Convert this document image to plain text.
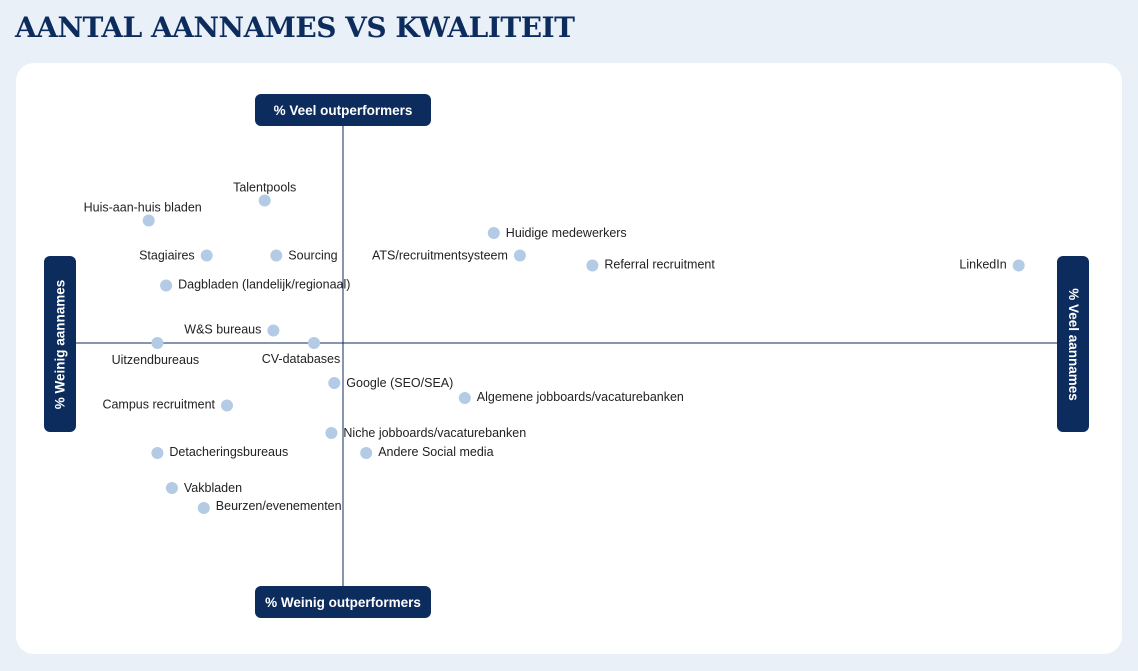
AANTAL AANNAMES VS KWALITEIT
Talentpools
Huis-aan-huis bladen
Stagiaires	Sourcing
Dagbladen (landelijk/regionaal)
W&S bureaus
Uitzendbureaus	CV-databases
Huidige medewerkers
ATS/recruitmentsysteem
Referral recruitment	LinkedIn
Google (SEO/SEA)
Algemene jobboards/vacaturebanken
Campus recruitment
Niche jobboards/vacaturebanken
Detacheringsbureaus	Andere Social media
Vakbladen
Beurzen/evenementen
% Veel outperformers
% Weinig outperformers
% Weinig aannames	% Veel aannames
